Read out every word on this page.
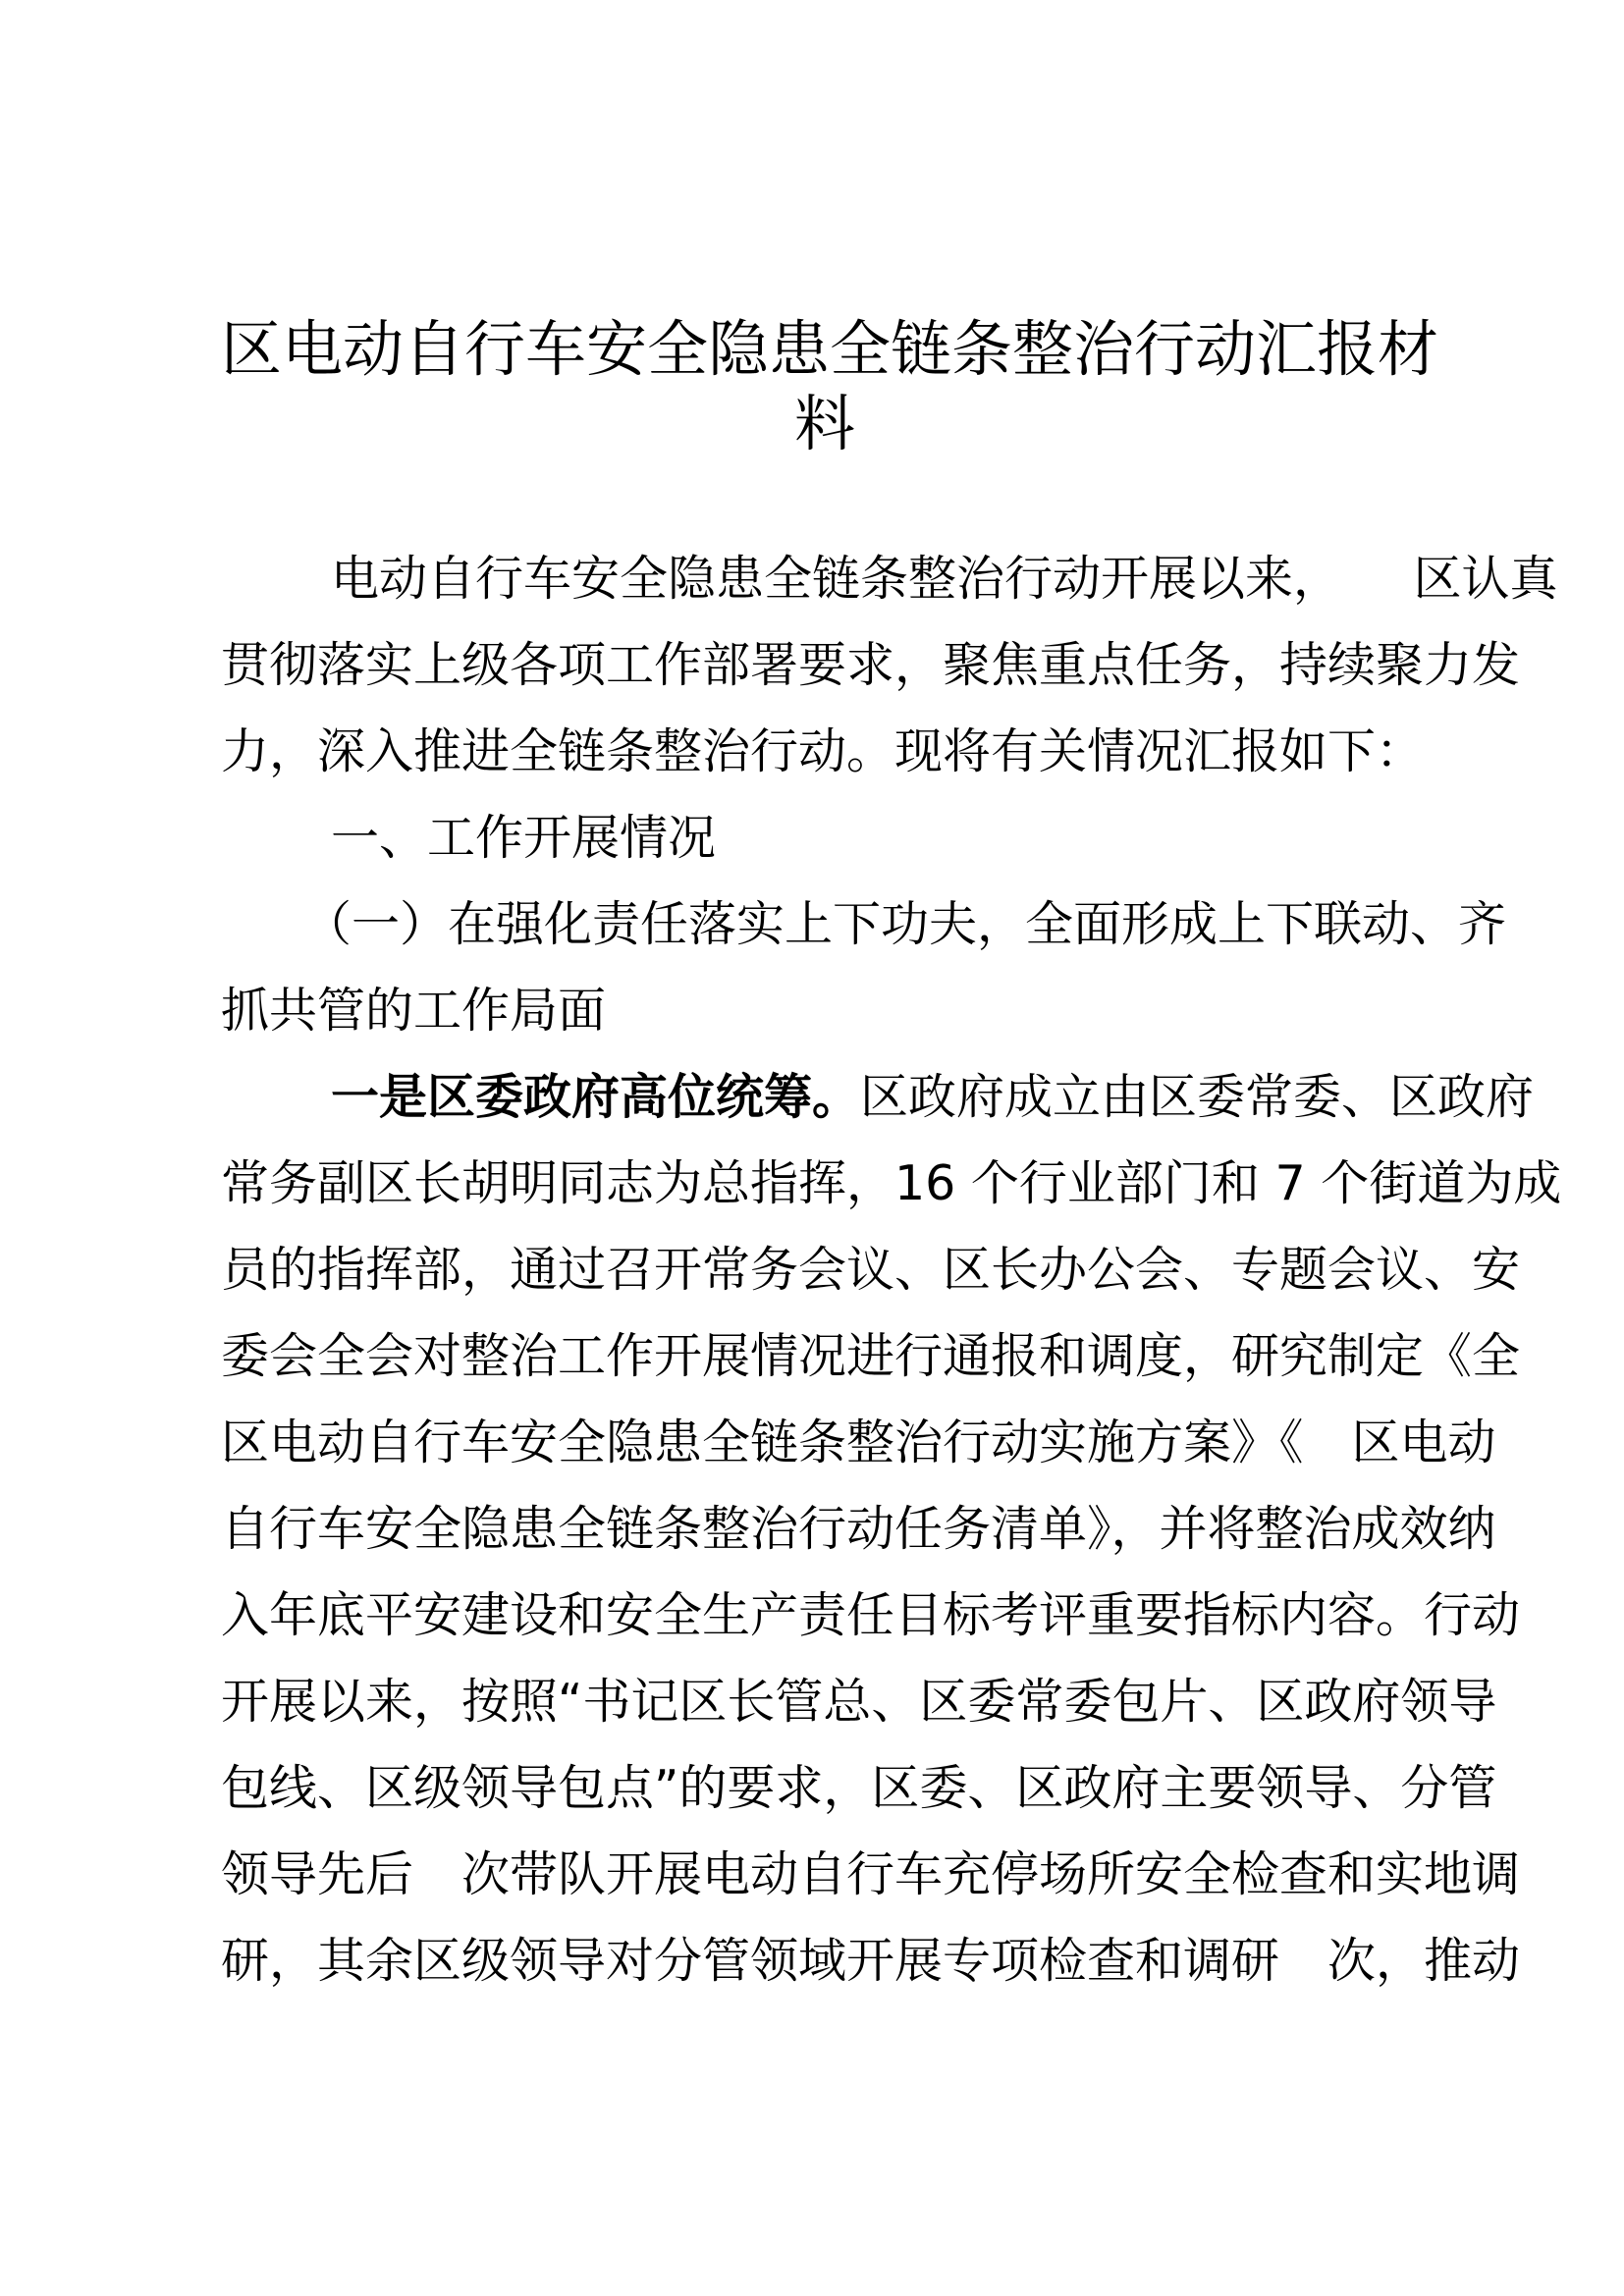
区电动自行车安全隐患全链条整治行动汇报材
料
电动自行车安全隐患全链条整治行动开展以来，　　区认真
贯彻落实上级各项工作部署要求，聚焦重点任务，持续聚力发
力，深入推进全链条整治行动。现将有关情况汇报如下：
一、工作开展情况
（一）在强化责任落实上下功夫，全面形成上下联动、齐
抓共管的工作局面
一是区委政府高位统筹。区政府成立由区委常委、区政府
常务副区长胡明同志为总指挥，16 个行业部门和 7 个街道为成
员的指挥部，通过召开常务会议、区长办公会、专题会议、安
委会全会对整治工作开展情况进行通报和调度，研究制定《全
区电动自行车安全隐患全链条整治行动实施方案》《　区电动
自行车安全隐患全链条整治行动任务清单》，并将整治成效纳
入年底平安建设和安全生产责任目标考评重要指标内容。行动
开展以来，按照“书记区长管总、区委常委包片、区政府领导
包线、区级领导包点”的要求，区委、区政府主要领导、分管
领导先后　次带队开展电动自行车充停场所安全检查和实地调
研，其余区级领导对分管领域开展专项检查和调研　次，推动
